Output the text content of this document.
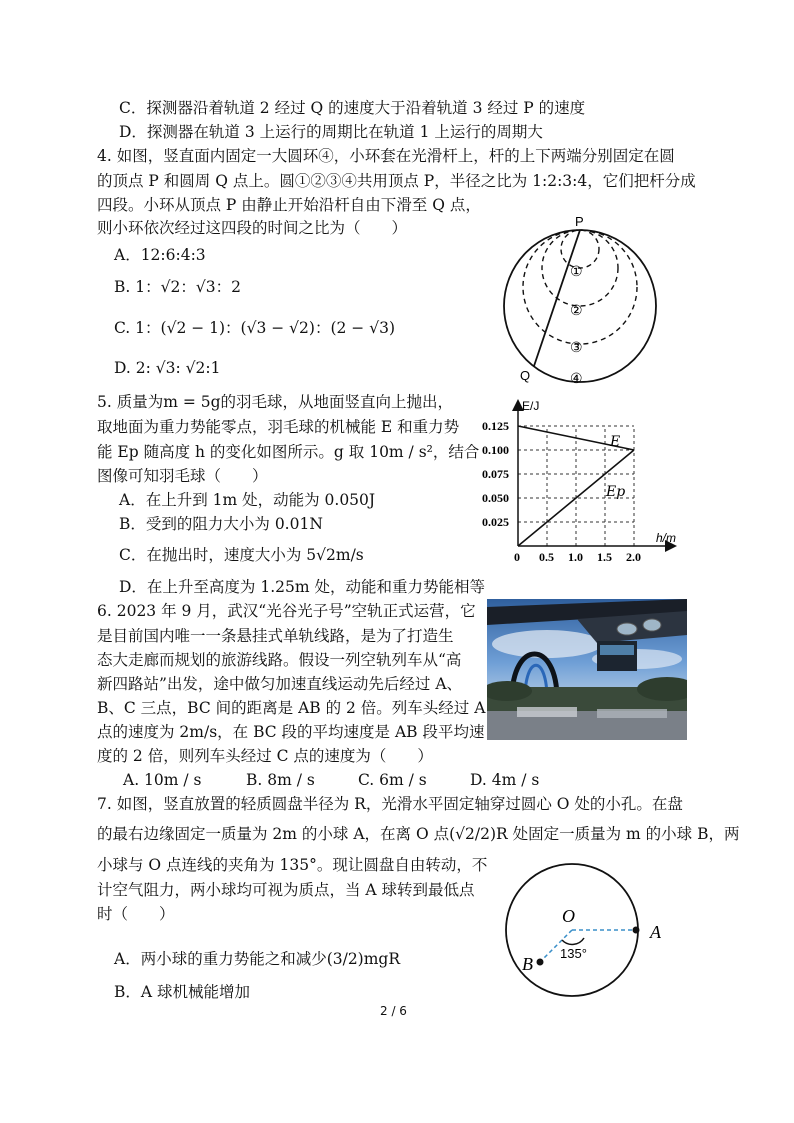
C．探测器沿着轨道 2 经过 Q 的速度大于沿着轨道 3 经过 P 的速度
D．探测器在轨道 3 上运行的周期比在轨道 1 上运行的周期大
4. 如图，竖直面内固定一大圆环④，小环套在光滑杆上，杆的上下两端分别固定在圆
的顶点 P 和圆周 Q 点上。圆①②③④共用顶点 P，半径之比为 1:2:3:4，它们把杆分成
四段。小环从顶点 P 由静止开始沿杆自由下滑至 Q 点，
则小环依次经过这四段的时间之比为（　　）
A．12:6:4:3
B. 1：√2：√3：2
C. 1：(√2 − 1)：(√3 − √2)：(2 − √3)
D. 2: √3: √2:1
P
Q
①
②
③
④
5. 质量为m = 5g的羽毛球，从地面竖直向上抛出，
取地面为重力势能零点，羽毛球的机械能 E 和重力势
能 Ep 随高度 h 的变化如图所示。g 取 10m / s²，结合
图像可知羽毛球（　　）
A．在上升到 1m 处，动能为 0.050J
B．受到的阻力大小为 0.01N
C．在抛出时，速度大小为 5√2m/s
D．在上升至高度为 1.25m 处，动能和重力势能相等
0.5 1.0 1.5 2.0
0.025
0.050
0.075
0.100
0.125
E/J
h/m
0
E
Ep
6. 2023 年 9 月，武汉“光谷光子号”空轨正式运营，它
是目前国内唯一一条悬挂式单轨线路，是为了打造生
态大走廊而规划的旅游线路。假设一列空轨列车从“高
新四路站”出发，途中做匀加速直线运动先后经过 A、
B、C 三点，BC 间的距离是 AB 的 2 倍。列车头经过 A
点的速度为 2m/s，在 BC 段的平均速度是 AB 段平均速
度的 2 倍，则列车头经过 C 点的速度为（　　）
A. 10m / s	B. 8m / s	C. 6m / s	D. 4m / s
7. 如图，竖直放置的轻质圆盘半径为 R，光滑水平固定轴穿过圆心 O 处的小孔。在盘
的最右边缘固定一质量为 2m 的小球 A，在离 O 点(√2/2)R 处固定一质量为 m 的小球 B，两
小球与 O 点连线的夹角为 135°。现让圆盘自由转动，不
计空气阻力，两小球均可视为质点，当 A 球转到最低点
时（　　）
A．两小球的重力势能之和减少(3/2)mgR
B．A 球机械能增加
O
A
B
135°
2 / 6
